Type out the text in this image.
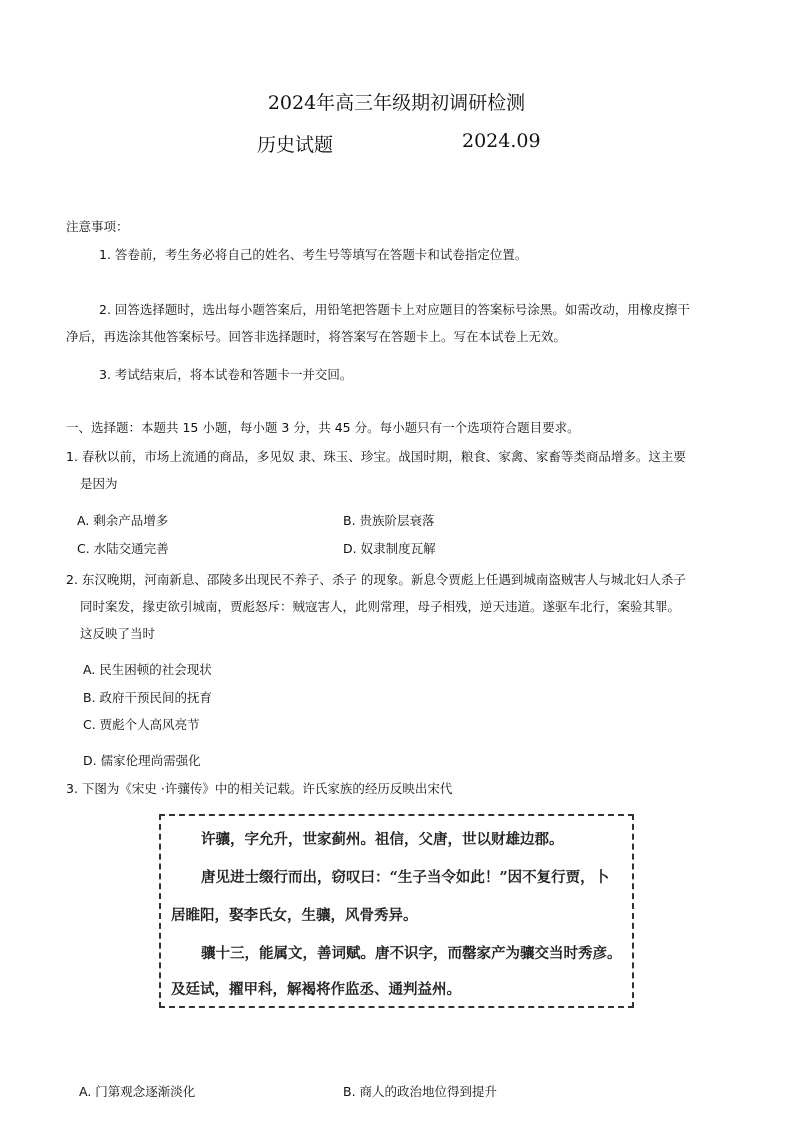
2024年高三年级期初调研检测
历史试题	2024.09
注意事项：
1. 答卷前，考生务必将自己的姓名、考生号等填写在答题卡和试卷指定位置。
2. 回答选择题时，选出每小题答案后，用铅笔把答题卡上对应题目的答案标号涂黑。如需改动，用橡皮擦干
净后，再选涂其他答案标号。回答非选择题时，将答案写在答题卡上。写在本试卷上无效。
3. 考试结束后，将本试卷和答题卡一并交回。
一、选择题：本题共 15 小题，每小题 3 分，共 45 分。每小题只有一个选项符合题目要求。
1. 春秋以前，市场上流通的商品，多见奴 隶、珠玉、珍宝。战国时期，粮食、家禽、家畜等类商品增多。这主要
是因为
A. 剩余产品增多	B. 贵族阶层衰落
C. 水陆交通完善	D. 奴隶制度瓦解
2. 东汉晚期，河南新息、邵陵多出现民不养子、杀子 的现象。新息令贾彪上任遇到城南盗贼害人与城北妇人杀子
同时案发，掾吏欲引城南，贾彪怒斥：贼寇害人，此则常理，母子相残，逆天违道。遂驱车北行，案验其罪。
这反映了当时
A. 民生困顿的社会现状
B. 政府干预民间的抚育
C. 贾彪个人高风亮节
D. 儒家伦理尚需强化
3. 下图为《宋史 ·许骧传》中的相关记载。许氏家族的经历反映出宋代
许骧，字允升，世家蓟州。祖信，父唐，世以财雄边郡。
唐见进士缀行而出，窃叹曰：“生子当令如此！”因不复行贾，卜
居睢阳，娶李氏女，生骧，风骨秀异。
骧十三，能属文，善词赋。唐不识字，而罄家产为骧交当时秀彦。
及廷试，擢甲科，解褐将作监丞、通判益州。
A. 门第观念逐渐淡化	B. 商人的政治地位得到提升
